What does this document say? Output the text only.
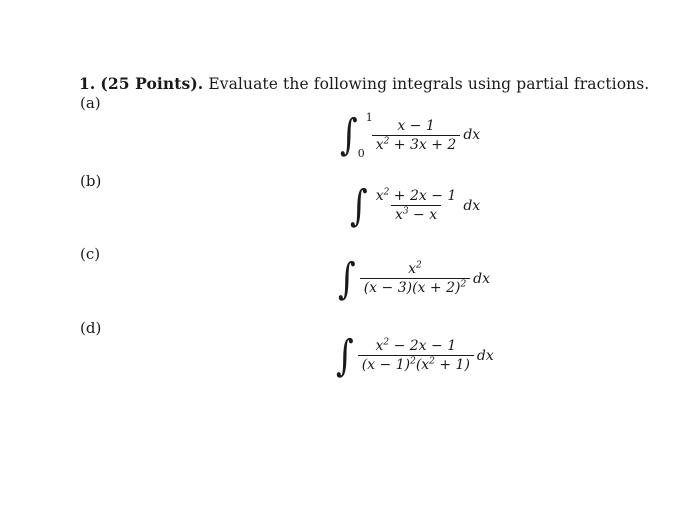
1. (25 Points). Evaluate the following integrals using partial fractions.
(a)
∫ 1
0
$\frac{x - 1}{x^2 + 3x + 2}$ dx
(b)	∫ $\frac{x^2 + 2x - 1}{x^3 - x}$ dx
(c)	∫ $\frac{x^2}{(x - 3)(x + 2)^2}$ dx
(d)
∫ $\frac{x^2 - 2x - 1}{(x - 1)^2(x^2 + 1)}$ dx
